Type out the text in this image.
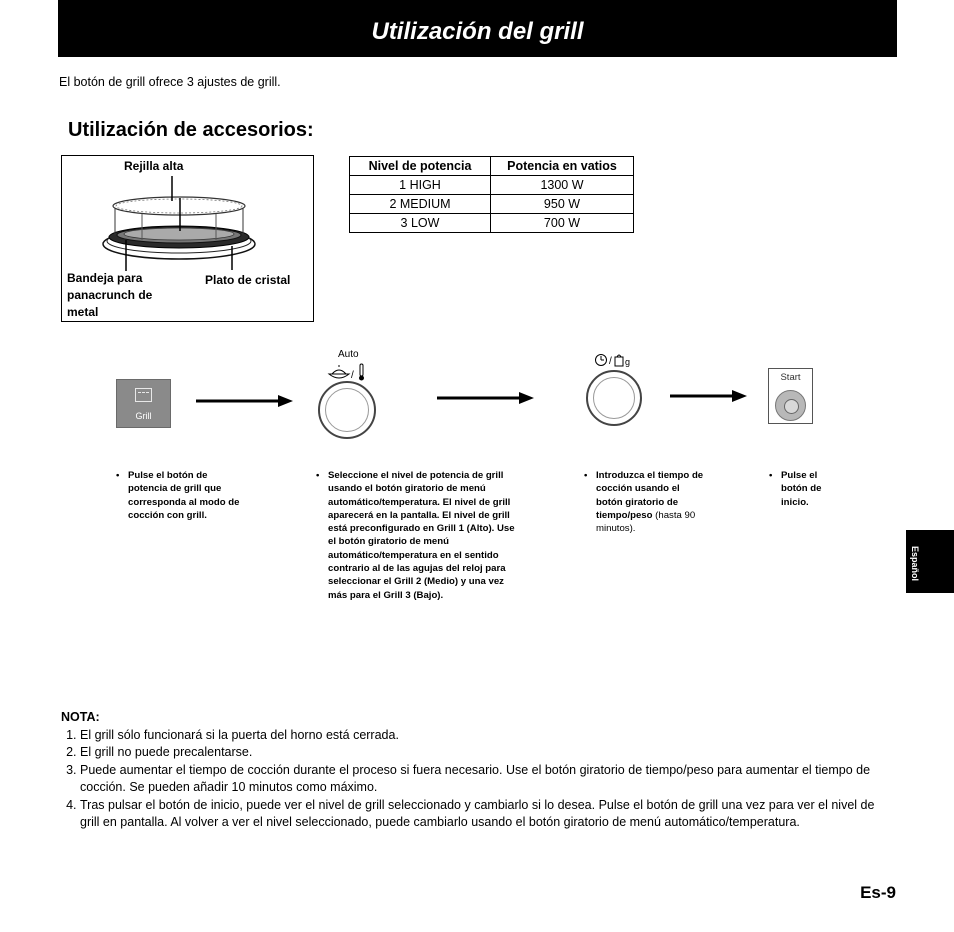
Utilización del grill
El botón de grill ofrece 3 ajustes de grill.
Utilización de accesorios:
Rejilla alta
Bandeja para panacrunch de metal
Plato de cristal
Nivel de potencia	Potencia en vatios
1 HIGH	1300 W
2 MEDIUM	950 W
3 LOW	700 W
Grill
Auto
/
/ g
Start
• Pulse el botón de potencia de grill que corresponda al modo de cocción con grill.
• Seleccione el nivel de potencia de grill usando el botón giratorio de menú automático/temperatura. El nivel de grill aparecerá en la pantalla. El nivel de grill está preconfigurado en Grill 1 (Alto). Use el botón giratorio de menú automático/temperatura en el sentido contrario al de las agujas del reloj para seleccionar el Grill 2 (Medio) y una vez más para el Grill 3 (Bajo).
• Introduzca el tiempo de cocción usando el botón giratorio de tiempo/peso (hasta 90 minutos).
• Pulse el botón de inicio.
Español
NOTA:
1. El grill sólo funcionará si la puerta del horno está cerrada.
2. El grill no puede precalentarse.
3. Puede aumentar el tiempo de cocción durante el proceso si fuera necesario. Use el botón giratorio de tiempo/peso para aumentar el tiempo de cocción. Se pueden añadir 10 minutos como máximo.
4. Tras pulsar el botón de inicio, puede ver el nivel de grill seleccionado y cambiarlo si lo desea. Pulse el botón de grill una vez para ver el nivel de grill en pantalla. Al volver a ver el nivel seleccionado, puede cambiarlo usando el botón giratorio de menú automático/temperatura.
Es-9
